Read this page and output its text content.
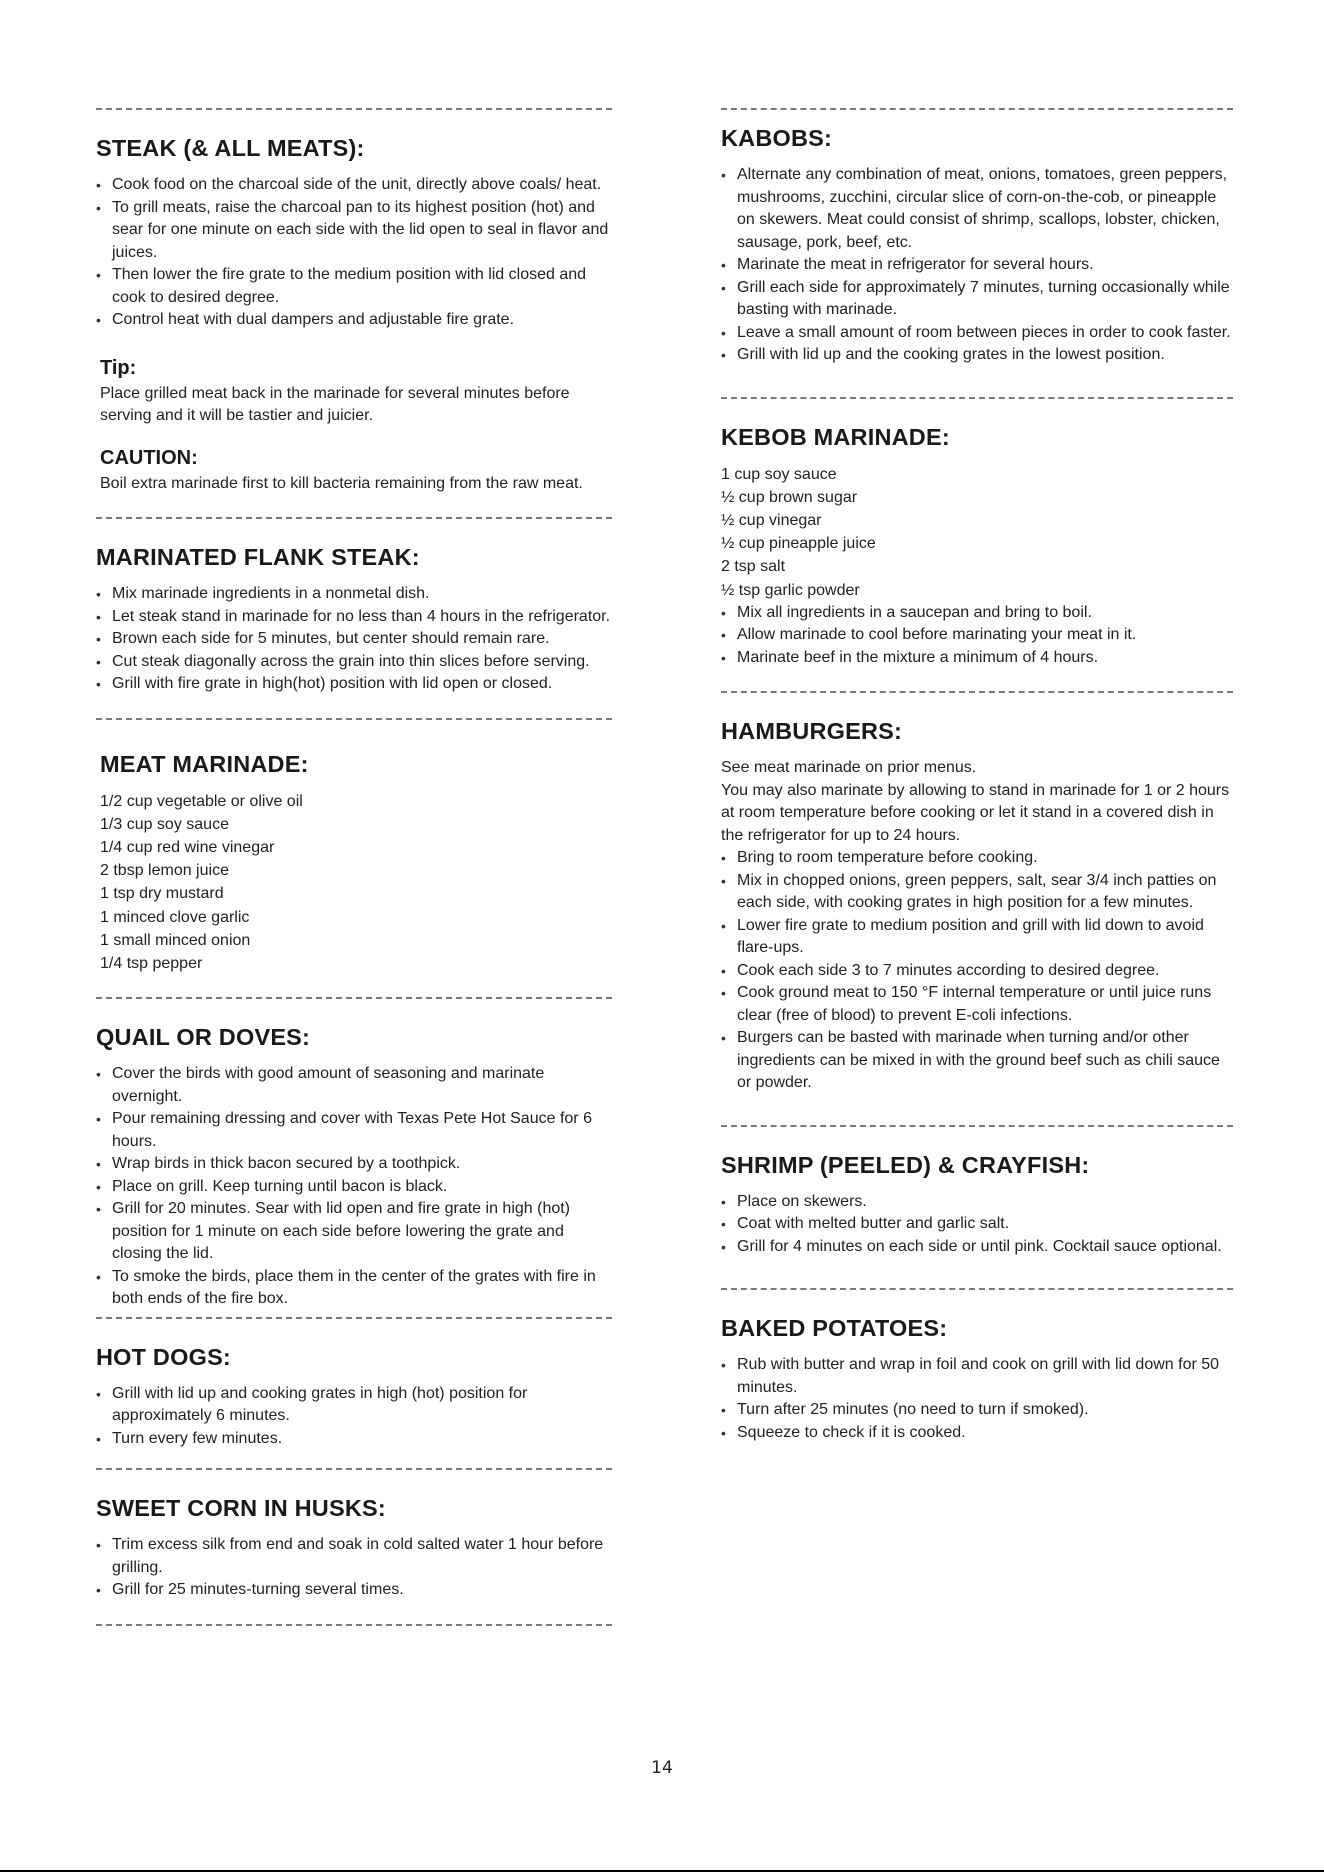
STEAK (& ALL MEATS):
• Cook food on the charcoal side of the unit, directly above coals/ heat.
• To grill meats, raise the charcoal pan to its highest position (hot) and sear for one minute on each side with the lid open to seal in flavor and juices.
• Then lower the fire grate to the medium position with lid closed and cook to desired degree.
• Control heat with dual dampers and adjustable fire grate.
Tip:
Place grilled meat back in the marinade for several minutes before serving and it will be tastier and juicier.
CAUTION:
Boil extra marinade first to kill bacteria remaining from the raw meat.
MARINATED FLANK STEAK:
• Mix marinade ingredients in a nonmetal dish.
• Let steak stand in marinade for no less than 4 hours in the refrigerator.
• Brown each side for 5 minutes, but center should remain rare.
• Cut steak diagonally across the grain into thin slices before serving.
• Grill with fire grate in high(hot) position with lid open or closed.
MEAT MARINADE:

1/2 cup vegetable or olive oil

1/3 cup soy sauce

1/4 cup red wine vinegar

2 tbsp lemon juice

1 tsp dry mustard

1 minced clove garlic

1 small minced onion

1/4 tsp pepper

QUAIL OR DOVES:
• Cover the birds with good amount of seasoning and marinate overnight.
• Pour remaining dressing and cover with Texas Pete Hot Sauce for 6 hours.
• Wrap birds in thick bacon secured by a toothpick.
• Place on grill. Keep turning until bacon is black.
• Grill for 20 minutes. Sear with lid open and fire grate in high (hot) position for 1 minute on each side before lowering the grate and closing the lid.
• To smoke the birds, place them in the center of the grates with fire in both ends of the fire box.
HOT DOGS:
• Grill with lid up and cooking grates in high (hot) position for approximately 6 minutes.
• Turn every few minutes.
SWEET CORN IN HUSKS:
• Trim excess silk from end and soak in cold salted water 1 hour before grilling.
• Grill for 25 minutes-turning several times.
KABOBS:
• Alternate any combination of meat, onions, tomatoes, green peppers, mushrooms, zucchini, circular slice of corn-on-the-cob, or pineapple on skewers. Meat could consist of shrimp, scallops, lobster, chicken, sausage, pork, beef, etc.
• Marinate the meat in refrigerator for several hours.
• Grill each side for approximately 7 minutes, turning occasionally while basting with marinade.
• Leave a small amount of room between pieces in order to cook faster.
• Grill with lid up and the cooking grates in the lowest position.
KEBOB MARINADE:

1 cup soy sauce

½ cup brown sugar

½ cup vinegar

½ cup pineapple juice

2 tsp salt

½ tsp garlic powder

• Mix all ingredients in a saucepan and bring to boil.
• Allow marinade to cool before marinating your meat in it.
• Marinate beef in the mixture a minimum of 4 hours.
HAMBURGERS:
See meat marinade on prior menus.
You may also marinate by allowing to stand in marinade for 1 or 2 hours at room temperature before cooking or let it stand in a covered dish in the refrigerator for up to 24 hours.
• Bring to room temperature before cooking.
• Mix in chopped onions, green peppers, salt, sear 3/4 inch patties on each side, with cooking grates in high position for a few minutes.
• Lower fire grate to medium position and grill with lid down to avoid flare-ups.
• Cook each side 3 to 7 minutes according to desired degree.
• Cook ground meat to 150 °F internal temperature or until juice runs clear (free of blood) to prevent E-coli infections.
• Burgers can be basted with marinade when turning and/or other ingredients can be mixed in with the ground beef such as chili sauce or powder.
SHRIMP (PEELED) & CRAYFISH:
• Place on skewers.
• Coat with melted butter and garlic salt.
• Grill for 4 minutes on each side or until pink. Cocktail sauce optional.
BAKED POTATOES:
• Rub with butter and wrap in foil and cook on grill with lid down for 50 minutes.
• Turn after 25 minutes (no need to turn if smoked).
• Squeeze to check if it is cooked.
14
